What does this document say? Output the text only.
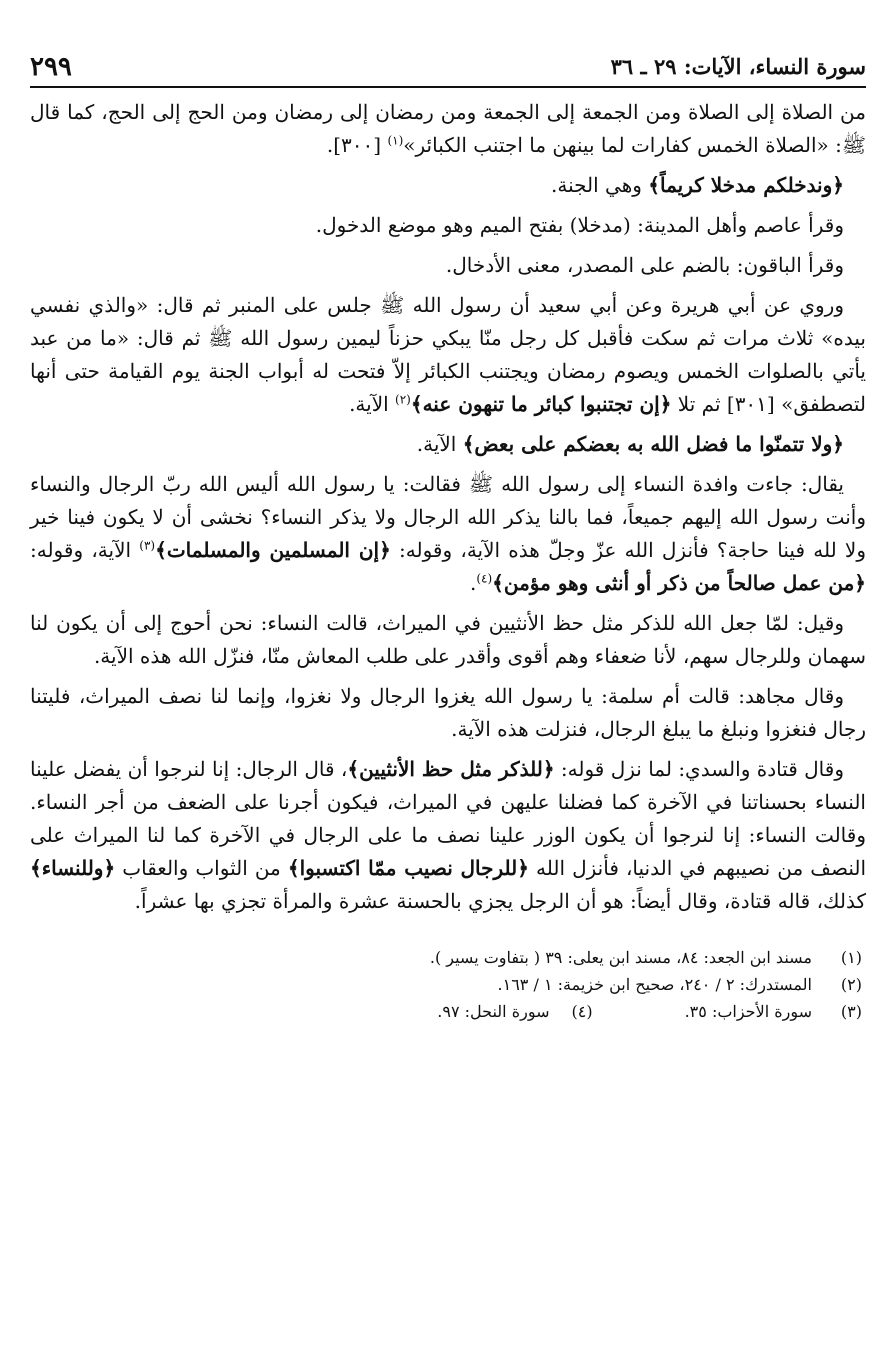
سورة النساء، الآيات: ٢٩ ـ ٣٦
٢٩٩

من الصلاة إلى الصلاة ومن الجمعة إلى الجمعة ومن رمضان إلى رمضان ومن الحج إلى الحج، كما قال ﷺ: «الصلاة الخمس كفارات لما بينهن ما اجتنب الكبائر»$^{(١)}$ [٣٠٠].

﴿وندخلكم مدخلا كريماً﴾ وهي الجنة.

وقرأ عاصم وأهل المدينة: (مدخلا) بفتح الميم وهو موضع الدخول.

وقرأ الباقون: بالضم على المصدر، معنى الأدخال.

وروي عن أبي هريرة وعن أبي سعيد أن رسول الله ﷺ جلس على المنبر ثم قال: «والذي نفسي بيده» ثلاث مرات ثم سكت فأقبل كل رجل منّا يبكي حزناً ليمين رسول الله ﷺ ثم قال: «ما من عبد يأتي بالصلوات الخمس ويصوم رمضان ويجتنب الكبائر إلاّ فتحت له أبواب الجنة يوم القيامة حتى أنها لتصطفق» [٣٠١] ثم تلا ﴿إن تجتنبوا كبائر ما تنهون عنه﴾$^{(٢)}$ الآية.

﴿ولا تتمنّوا ما فضل الله به بعضكم على بعض﴾ الآية.

يقال: جاءت وافدة النساء إلى رسول الله ﷺ فقالت: يا رسول الله أليس الله ربّ الرجال والنساء وأنت رسول الله إليهم جميعاً، فما بالنا يذكر الله الرجال ولا يذكر النساء؟ نخشى أن لا يكون فينا خير ولا لله فينا حاجة؟ فأنزل الله عزّ وجلّ هذه الآية، وقوله: ﴿إن المسلمين والمسلمات﴾$^{(٣)}$ الآية، وقوله: ﴿من عمل صالحاً من ذكر أو أنثى وهو مؤمن﴾$^{(٤)}$.

وقيل: لمّا جعل الله للذكر مثل حظ الأنثيين في الميراث، قالت النساء: نحن أحوج إلى أن يكون لنا سهمان وللرجال سهم، لأنا ضعفاء وهم أقوى وأقدر على طلب المعاش منّا، فنزّل الله هذه الآية.

وقال مجاهد: قالت أم سلمة: يا رسول الله يغزوا الرجال ولا نغزوا، وإنما لنا نصف الميراث، فليتنا رجال فنغزوا ونبلغ ما يبلغ الرجال، فنزلت هذه الآية.

وقال قتادة والسدي: لما نزل قوله: ﴿للذكر مثل حظ الأنثيين﴾، قال الرجال: إنا لنرجوا أن يفضل علينا النساء بحسناتنا في الآخرة كما فضلنا عليهن في الميراث، فيكون أجرنا على الضعف من أجر النساء. وقالت النساء: إنا لنرجوا أن يكون الوزر علينا نصف ما على الرجال في الآخرة كما لنا الميراث على النصف من نصيبهم في الدنيا، فأنزل الله ﴿للرجال نصيب ممّا اكتسبوا﴾ من الثواب والعقاب ﴿وللنساء﴾ كذلك، قاله قتادة، وقال أيضاً: هو أن الرجل يجزي بالحسنة عشرة والمرأة تجزي بها عشراً.

(١)
مسند ابن الجعد: ٨٤، مسند ابن يعلى: ٣٩ ( بتفاوت يسير ).
(٢)
المستدرك: ٢ / ٢٤٠، صحيح ابن خزيمة: ١ / ١٦٣.
(٣)
سورة الأحزاب: ٣٥.
(٤)
سورة النحل: ٩٧.
